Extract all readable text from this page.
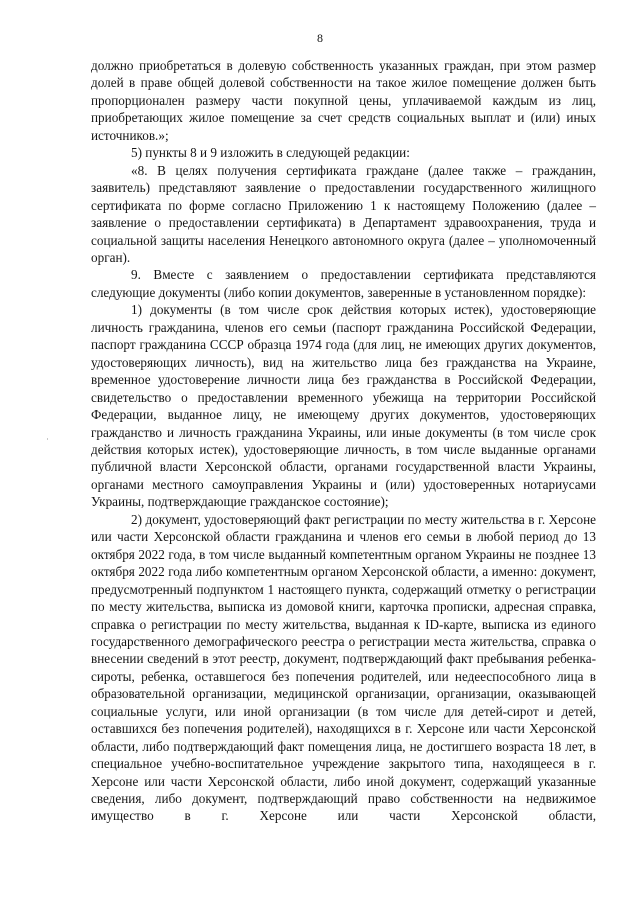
8

должно приобретаться в долевую собственность указанных граждан, при этом размер долей в праве общей долевой собственности на такое жилое помещение должен быть пропорционален размеру части покупной цены, уплачиваемой каждым из лиц, приобретающих жилое помещение за счет средств социальных выплат и (или) иных источников.»;

5) пункты 8 и 9 изложить в следующей редакции:

«8. В целях получения сертификата граждане (далее также – гражданин, заявитель) представляют заявление о предоставлении государственного жилищного сертификата по форме согласно Приложению 1 к настоящему Положению (далее – заявление о предоставлении сертификата) в Департамент здравоохранения, труда и социальной защиты населения Ненецкого автономного округа (далее – уполномоченный орган).

9. Вместе с заявлением о предоставлении сертификата представляются следующие документы (либо копии документов, заверенные в установленном порядке):

1) документы (в том числе срок действия которых истек), удостоверяющие личность гражданина, членов его семьи (паспорт гражданина Российской Федерации, паспорт гражданина СССР образца 1974 года (для лиц, не имеющих других документов, удостоверяющих личность), вид на жительство лица без гражданства на Украине, временное удостоверение личности лица без гражданства в Российской Федерации, свидетельство о предоставлении временного убежища на территории Российской Федерации, выданное лицу, не имеющему других документов, удостоверяющих гражданство и личность гражданина Украины, или иные документы (в том числе срок действия которых истек), удостоверяющие личность, в том числе выданные органами публичной власти Херсонской области, органами государственной власти Украины, органами местного самоуправления Украины и (или) удостоверенных нотариусами Украины, подтверждающие гражданское состояние);

2) документ, удостоверяющий факт регистрации по месту жительства в г. Херсоне или части Херсонской области гражданина и членов его семьи в любой период до 13 октября 2022 года, в том числе выданный компетентным органом Украины не позднее 13 октября 2022 года либо компетентным органом Херсонской области, а именно: документ, предусмотренный подпунктом 1 настоящего пункта, содержащий отметку о регистрации по месту жительства, выписка из домовой книги, карточка прописки, адресная справка, справка о регистрации по месту жительства, выданная к ID-карте, выписка из единого государственного демографического реестра о регистрации места жительства, справка о внесении сведений в этот реестр, документ, подтверждающий факт пребывания ребенка-сироты, ребенка, оставшегося без попечения родителей, или недееспособного лица в образовательной организации, медицинской организации, организации, оказывающей социальные услуги, или иной организации (в том числе для детей-сирот и детей, оставшихся без попечения родителей), находящихся в г. Херсоне или части Херсонской области, либо подтверждающий факт помещения лица, не достигшего возраста 18 лет, в специальное учебно-воспитательное учреждение закрытого типа, находящееся в г. Херсоне или части Херсонской области, либо иной документ, содержащий указанные сведения, либо документ, подтверждающий право собственности на недвижимое имущество в г. Херсоне или части Херсонской области,
